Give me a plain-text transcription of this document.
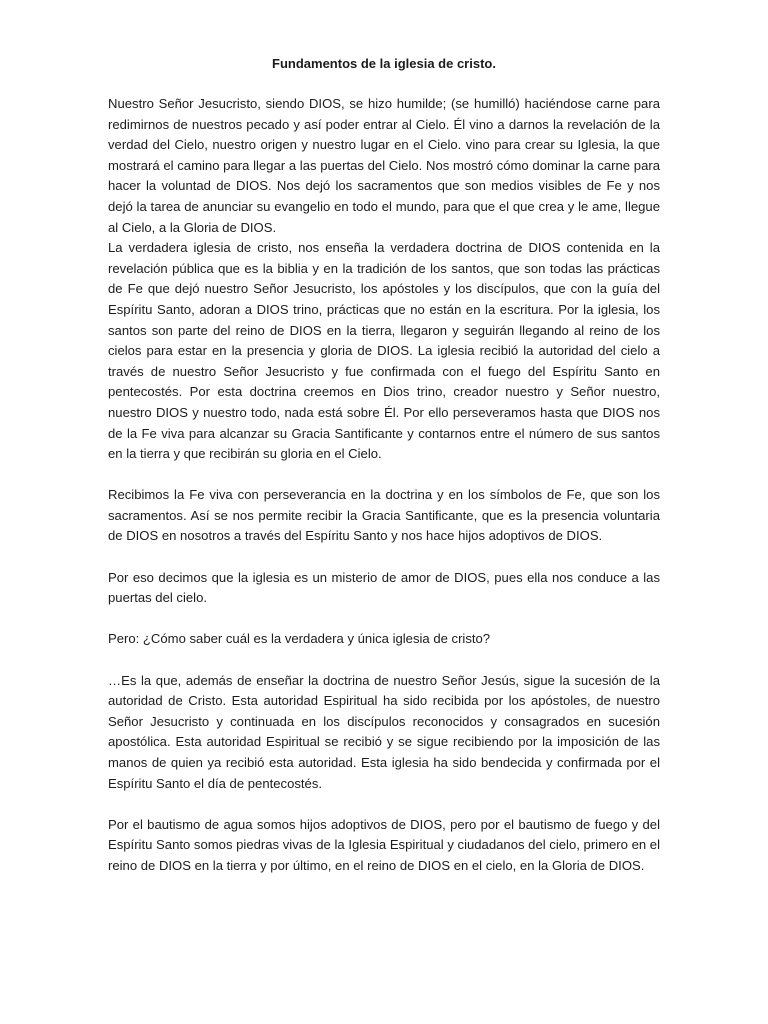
Fundamentos de la iglesia de cristo.

Nuestro Señor Jesucristo, siendo DIOS, se hizo humilde; (se humilló) haciéndose carne para redimirnos de nuestros pecado y así poder entrar al Cielo. Él vino a darnos la revelación de la verdad del Cielo, nuestro origen y nuestro lugar en el Cielo. vino para crear su Iglesia, la que mostrará el camino para llegar a las puertas del Cielo. Nos mostró cómo dominar la carne para hacer la voluntad de DIOS. Nos dejó los sacramentos que son medios visibles de Fe y nos dejó la tarea de anunciar su evangelio en todo el mundo, para que el que crea y le ame, llegue al Cielo, a la Gloria de DIOS.

La verdadera iglesia de cristo, nos enseña la verdadera doctrina de DIOS contenida en la revelación pública que es la biblia y en la tradición de los santos, que son todas las prácticas de Fe que dejó nuestro Señor Jesucristo, los apóstoles y los discípulos, que con la guía del Espíritu Santo, adoran a DIOS trino, prácticas que no están en la escritura. Por la iglesia, los santos son parte del reino de DIOS en la tierra, llegaron y seguirán llegando al reino de los cielos para estar en la presencia y gloria de DIOS. La iglesia recibió la autoridad del cielo a través de nuestro Señor Jesucristo y fue confirmada con el fuego del Espíritu Santo en pentecostés. Por esta doctrina creemos en Dios trino, creador nuestro y Señor nuestro, nuestro DIOS y nuestro todo, nada está sobre Él. Por ello perseveramos hasta que DIOS nos de la Fe viva para alcanzar su Gracia Santificante y contarnos entre el número de sus santos en la tierra y que recibirán su gloria en el Cielo.

Recibimos la Fe viva con perseverancia en la doctrina y en los símbolos de Fe, que son los sacramentos. Así se nos permite recibir la Gracia Santificante, que es la presencia voluntaria de DIOS en nosotros a través del Espíritu Santo y nos hace hijos adoptivos de DIOS.

Por eso decimos que la iglesia es un misterio de amor de DIOS, pues ella nos conduce a las puertas del cielo.

Pero: ¿Cómo saber cuál es la verdadera y única iglesia de cristo?

…Es la que, además de enseñar la doctrina de nuestro Señor Jesús, sigue la sucesión de la autoridad de Cristo. Esta autoridad Espiritual ha sido recibida por los apóstoles, de nuestro Señor Jesucristo y continuada en los discípulos reconocidos y consagrados en sucesión apostólica. Esta autoridad Espiritual se recibió y se sigue recibiendo por la imposición de las manos de quien ya recibió esta autoridad. Esta iglesia ha sido bendecida y confirmada por el Espíritu Santo el día de pentecostés.

Por el bautismo de agua somos hijos adoptivos de DIOS, pero por el bautismo de fuego y del Espíritu Santo somos piedras vivas de la Iglesia Espiritual y ciudadanos del cielo, primero en el reino de DIOS en la tierra y por último, en el reino de DIOS en el cielo, en la Gloria de DIOS.
